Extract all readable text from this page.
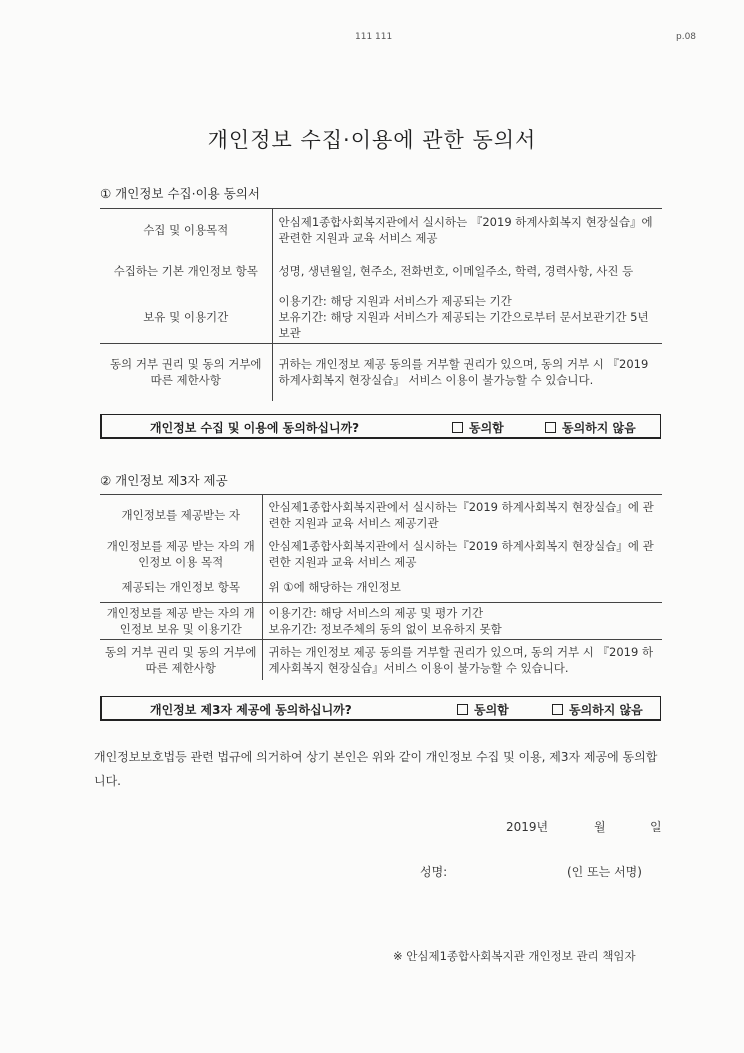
111 111	p.08
개인정보 수집·이용에 관한 동의서
① 개인정보 수집·이용 동의서
수집 및 이용목적	안심제1종합사회복지관에서 실시하는 『2019 하계사회복지 현장실습』에 관련한 지원과 교육 서비스 제공
수집하는 기본 개인정보 항목	성명, 생년월일, 현주소, 전화번호, 이메일주소, 학력, 경력사항, 사진 등
보유 및 이용기간	이용기간: 해당 지원과 서비스가 제공되는 기간
보유기간: 해당 지원과 서비스가 제공되는 기간으로부터 문서보관기간 5년 보관
동의 거부 권리 및 동의 거부에 따른 제한사항	귀하는 개인정보 제공 동의를 거부할 권리가 있으며, 동의 거부 시 『2019 하계사회복지 현장실습』 서비스 이용이 불가능할 수 있습니다.
개인정보 수집 및 이용에 동의하십니까?	동의함	동의하지 않음
② 개인정보 제3자 제공
개인정보를 제공받는 자	안심제1종합사회복지관에서 실시하는『2019 하계사회복지 현장실습』에 관련한 지원과 교육 서비스 제공기관
개인정보를 제공 받는 자의 개인정보 이용 목적	안심제1종합사회복지관에서 실시하는『2019 하계사회복지 현장실습』에 관련한 지원과 교육 서비스 제공
제공되는 개인정보 항목	위 ①에 해당하는 개인정보
개인정보를 제공 받는 자의 개인정보 보유 및 이용기간	이용기간: 해당 서비스의 제공 및 평가 기간
보유기간: 정보주체의 동의 없이 보유하지 못함
동의 거부 권리 및 동의 거부에 따른 제한사항	귀하는 개인정보 제공 동의를 거부할 권리가 있으며, 동의 거부 시 『2019 하계사회복지 현장실습』서비스 이용이 불가능할 수 있습니다.
개인정보 제3자 제공에 동의하십니까?	동의함	동의하지 않음
개인정보보호법등 관련 법규에 의거하여 상기 본인은 위와 같이 개인정보 수집 및 이용, 제3자 제공에 동의합니다.
2019년	월	일
성명:	(인 또는 서명)
※ 안심제1종합사회복지관 개인정보 관리 책임자
